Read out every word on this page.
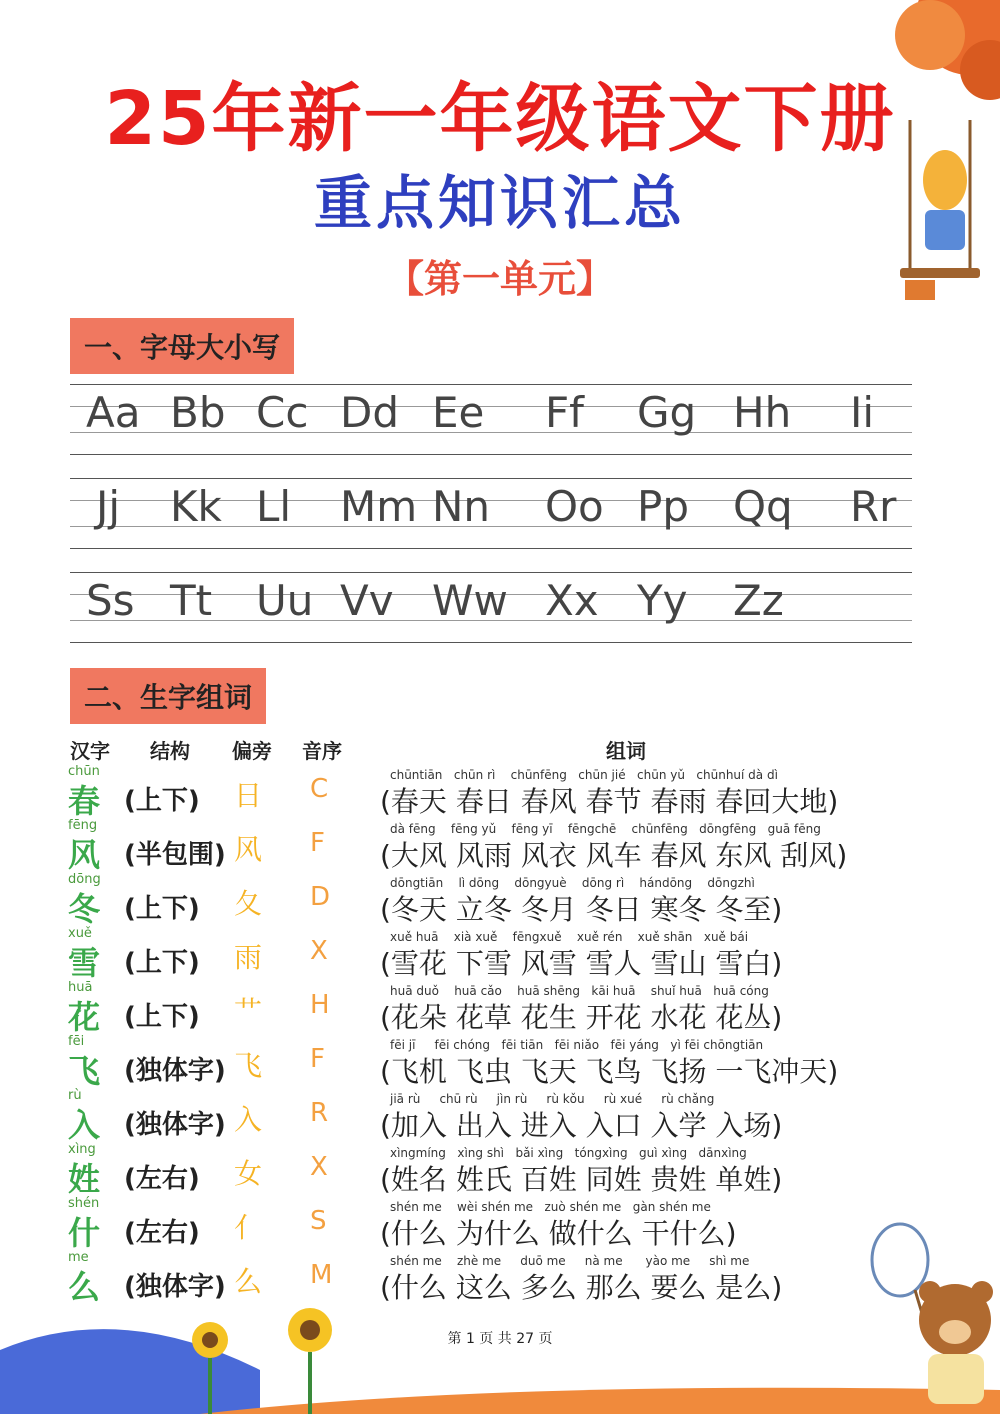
25年新一年级语文下册
重点知识汇总
【第一单元】
一、字母大小写
Aa Bb Cc Dd Ee Ff Gg Hh Ii
Jj Kk Ll Mm Nn Oo Pp Qq Rr
Ss Tt Uu Vv Ww Xx Yy Zz
二、生字组词
汉字 结构 偏旁 音序	组词
chūn
春 (上下) 日 C	chūntiān   chūn rì    chūnfēng   chūn jié   chūn yǔ   chūnhuí dà dì
(春天 春日 春风 春节 春雨 春回大地)
fēng
风 (半包围) 风 F	dà fēng    fēng yǔ    fēng yī    fēngchē    chūnfēng   dōngfēng   guā fēng
(大风 风雨 风衣 风车 春风 东风 刮风)
dōng
冬 (上下) 夂 D	dōngtiān    lì dōng    dōngyuè    dōng rì    hándōng    dōngzhì
(冬天 立冬 冬月 冬日 寒冬 冬至)
xuě
雪 (上下) 雨 X	xuě huā    xià xuě    fēngxuě    xuě rén    xuě shān   xuě bái
(雪花 下雪 风雪 雪人 雪山 雪白)
huā
花 (上下) 艹 H	huā duǒ    huā cǎo    huā shēng   kāi huā    shuǐ huā   huā cóng
(花朵 花草 花生 开花 水花 花丛)
fēi
飞 (独体字) 飞 F	fēi jī     fēi chóng   fēi tiān   fēi niǎo   fēi yáng   yì fēi chōngtiān
(飞机 飞虫 飞天 飞鸟 飞扬 一飞冲天)
rù
入 (独体字) 入 R	jiā rù     chū rù     jìn rù     rù kǒu     rù xué     rù chǎng
(加入 出入 进入 入口 入学 入场)
xìng
姓 (左右) 女 X	xìngmíng   xìng shì   bǎi xìng   tóngxìng   guì xìng   dānxìng
(姓名 姓氏 百姓 同姓 贵姓 单姓)
shén
什 (左右) 亻 S	shén me    wèi shén me   zuò shén me   gàn shén me
(什么 为什么 做什么 干什么)
me
么 (独体字) 么 M	shén me    zhè me     duō me     nà me      yào me     shì me
(什么 这么 多么 那么 要么 是么)
第 1 页 共 27 页
